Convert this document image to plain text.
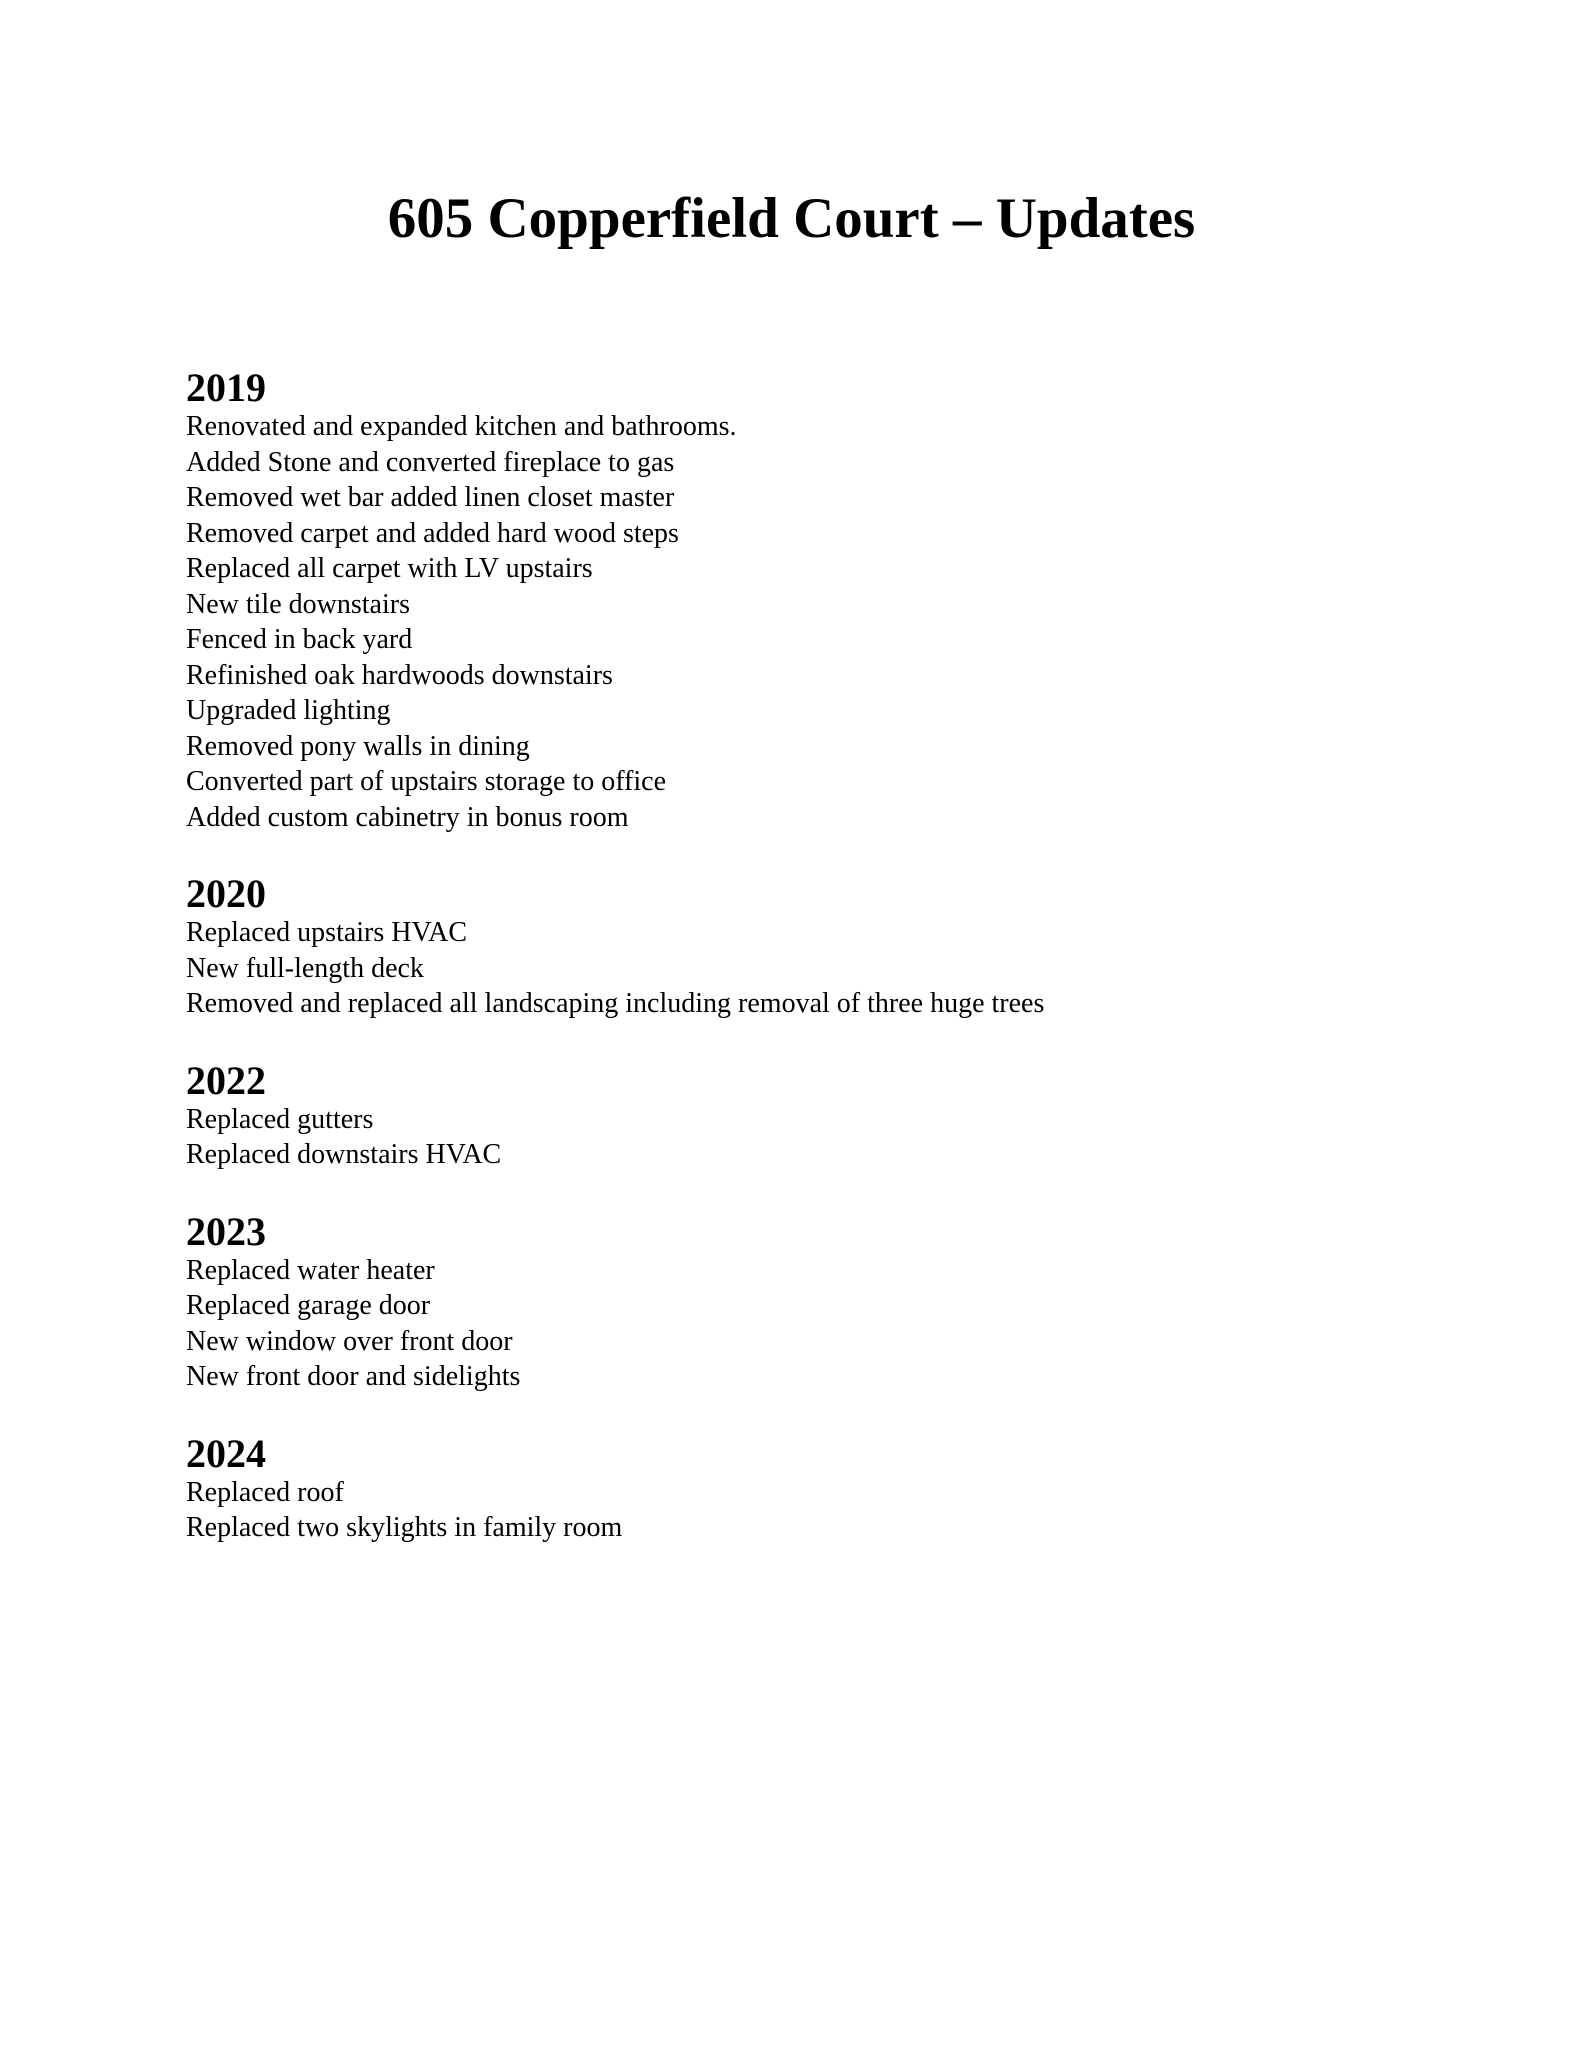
605 Copperfield Court – Updates
2019
Renovated and expanded kitchen and bathrooms.
Added Stone and converted fireplace to gas
Removed wet bar added linen closet master
Removed carpet and added hard wood steps
Replaced all carpet with LV upstairs
New tile downstairs
Fenced in back yard
Refinished oak hardwoods downstairs
Upgraded lighting
Removed pony walls in dining
Converted part of upstairs storage to office
Added custom cabinetry in bonus room
2020
Replaced upstairs HVAC
New full-length deck
Removed and replaced all landscaping including removal of three huge trees
2022
Replaced gutters
Replaced downstairs HVAC
2023
Replaced water heater
Replaced garage door
New window over front door
New front door and sidelights
2024
Replaced roof
Replaced two skylights in family room
